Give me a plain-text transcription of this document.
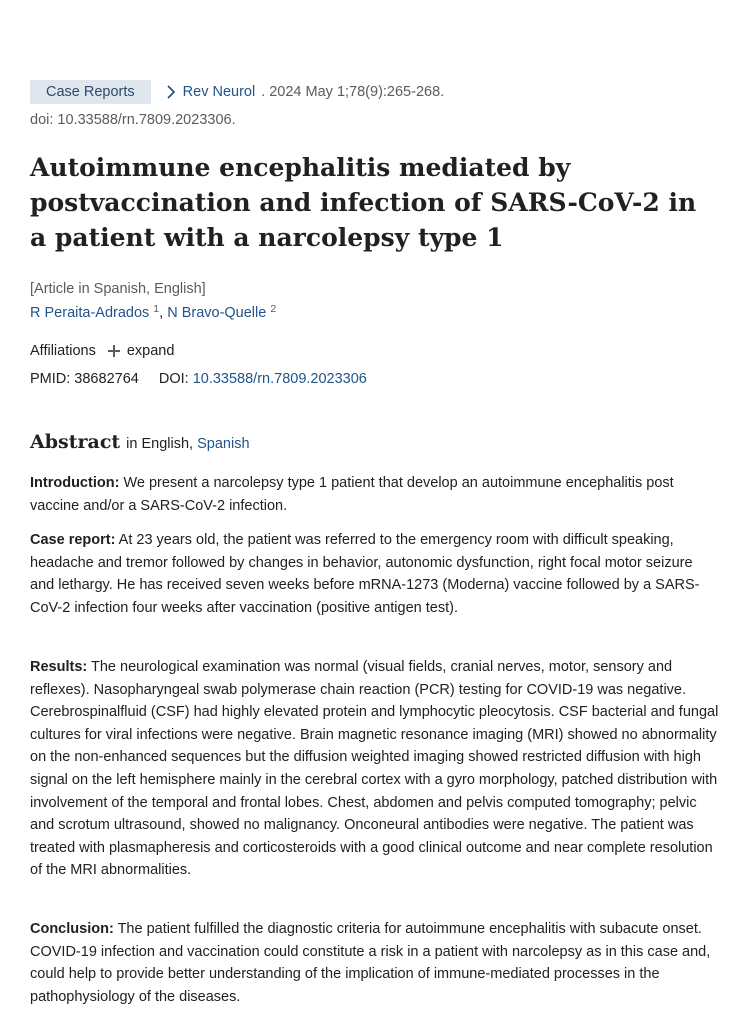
Case Reports	Rev Neurol . 2024 May 1;78(9):265-268.
doi: 10.33588/rn.7809.2023306.
Autoimmune encephalitis mediated by postvaccination and infection of SARS-CoV-2 in a patient with a narcolepsy type 1
[Article in Spanish, English]
R Peraita-Adrados $^1$, N Bravo-Quelle $^2$
Affiliations expand
PMID: 38682764 DOI: 10.33588/rn.7809.2023306
Abstract in English, Spanish

Introduction: We present a narcolepsy type 1 patient that develop an autoimmune encephalitis post vaccine and/or a SARS-CoV-2 infection.

Case report: At 23 years old, the patient was referred to the emergency room with difficult speaking, headache and tremor followed by changes in behavior, autonomic dysfunction, right focal motor seizure and lethargy. He has received seven weeks before mRNA-1273 (Moderna) vaccine followed by a SARS-CoV-2 infection four weeks after vaccination (positive antigen test).

Results: The neurological examination was normal (visual fields, cranial nerves, motor, sensory and reflexes). Nasopharyngeal swab polymerase chain reaction (PCR) testing for COVID-19 was negative. Cerebrospinalfluid (CSF) had highly elevated protein and lymphocytic pleocytosis. CSF bacterial and fungal cultures for viral infections were negative. Brain magnetic resonance imaging (MRI) showed no abnormality on the non-enhanced sequences but the diffusion weighted imaging showed restricted diffusion with high signal on the left hemisphere mainly in the cerebral cortex with a gyro morphology, patched distribution with involvement of the temporal and frontal lobes. Chest, abdomen and pelvis computed tomography; pelvic and scrotum ultrasound, showed no malignancy. Onconeural antibodies were negative. The patient was treated with plasmapheresis and corticosteroids with a good clinical outcome and near complete resolution of the MRI abnormalities.

Conclusion: The patient fulfilled the diagnostic criteria for autoimmune encephalitis with subacute onset. COVID-19 infection and vaccination could constitute a risk in a patient with narcolepsy as in this case and, could help to provide better understanding of the implication of immune-mediated processes in the pathophysiology of the diseases.
